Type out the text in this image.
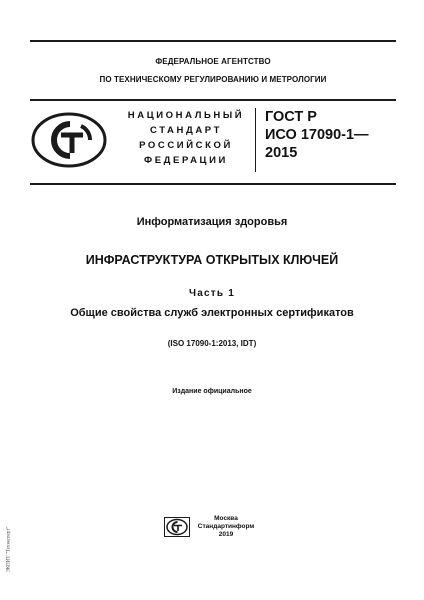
ФЕДЕРАЛЬНОЕ АГЕНТСТВО
ПО ТЕХНИЧЕСКОМУ РЕГУЛИРОВАНИЮ И МЕТРОЛОГИИ
НАЦИОНАЛЬНЫЙ
СТАНДАРТ
РОССИЙСКОЙ
ФЕДЕРАЦИИ
ГОСТ Р
ИСО 17090-1—
2015
Информатизация здоровья
ИНФРАСТРУКТУРА ОТКРЫТЫХ КЛЮЧЕЙ
Часть 1
Общие свойства служб электронных сертификатов
(ISO 17090-1:2013, IDT)
Издание официальное
Москва
Стандартинформ
2019
ЭКПИТ "Техэксперт"
